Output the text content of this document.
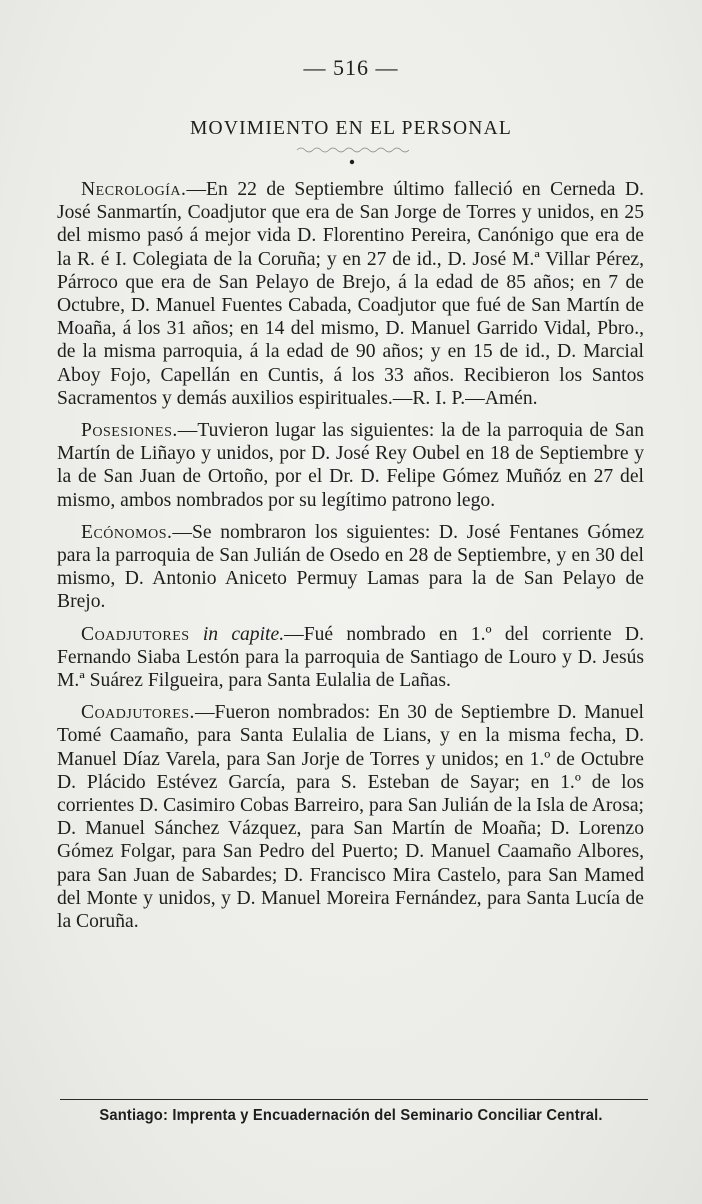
— 516 —
MOVIMIENTO EN EL PERSONAL

Necrología.—En 22 de Septiembre último falleció en Cerneda D. José Sanmartín, Coadjutor que era de San Jorge de Torres y unidos, en 25 del mismo pasó á mejor vida D. Florentino Pereira, Canónigo que era de la R. é I. Colegiata de la Coruña; y en 27 de id., D. José M.ª Villar Pérez, Párroco que era de San Pelayo de Brejo, á la edad de 85 años; en 7 de Octubre, D. Manuel Fuentes Cabada, Coadjutor que fué de San Martín de Moaña, á los 31 años; en 14 del mismo, D. Manuel Garrido Vidal, Pbro., de la misma parroquia, á la edad de 90 años; y en 15 de id., D. Marcial Aboy Fojo, Capellán en Cuntis, á los 33 años. Recibieron los Santos Sacramentos y demás auxilios espirituales.—R. I. P.—Amén.

Posesiones.—Tuvieron lugar las siguientes: la de la parroquia de San Martín de Liñayo y unidos, por D. José Rey Oubel en 18 de Septiembre y la de San Juan de Ortoño, por el Dr. D. Felipe Gómez Muñóz en 27 del mismo, ambos nombrados por su legítimo patrono lego.

Ecónomos.—Se nombraron los siguientes: D. José Fentanes Gómez para la parroquia de San Julián de Osedo en 28 de Septiembre, y en 30 del mismo, D. Antonio Aniceto Permuy Lamas para la de San Pelayo de Brejo.

Coadjutores in capite.—Fué nombrado en 1.º del corriente D. Fernando Siaba Lestón para la parroquia de Santiago de Louro y D. Jesús M.ª Suárez Filgueira, para Santa Eulalia de Lañas.

Coadjutores.—Fueron nombrados: En 30 de Septiembre D. Manuel Tomé Caamaño, para Santa Eulalia de Lians, y en la misma fecha, D. Manuel Díaz Varela, para San Jorje de Torres y unidos; en 1.º de Octubre D. Plácido Estévez García, para S. Esteban de Sayar; en 1.º de los corrientes D. Casimiro Cobas Barreiro, para San Julián de la Isla de Arosa; D. Manuel Sánchez Vázquez, para San Martín de Moaña; D. Lorenzo Gómez Folgar, para San Pedro del Puerto; D. Manuel Caamaño Albores, para San Juan de Sabardes; D. Francisco Mira Castelo, para San Mamed del Monte y unidos, y D. Manuel Moreira Fernández, para Santa Lucía de la Coruña.

Santiago: Imprenta y Encuadernación del Seminario Conciliar Central.
